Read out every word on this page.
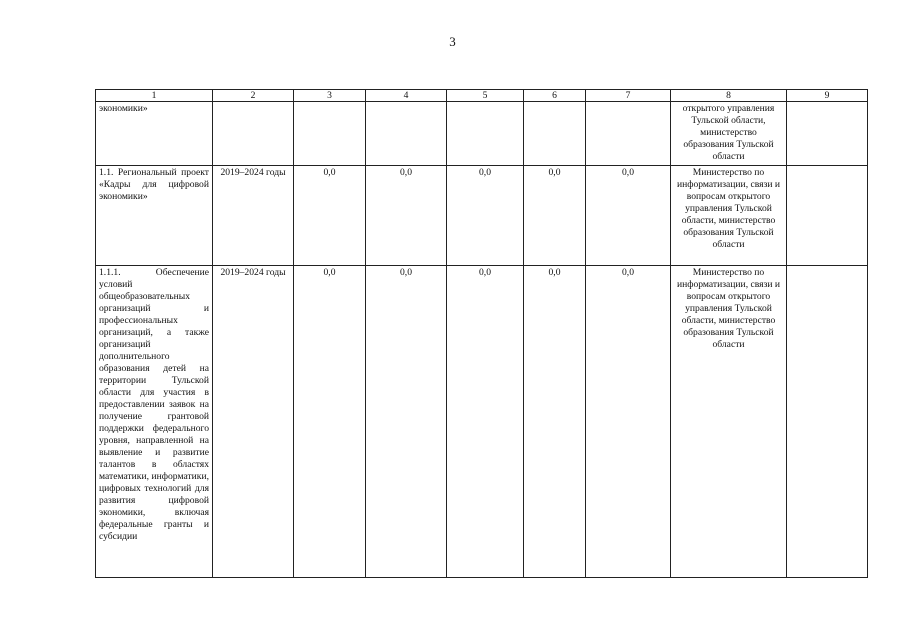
3
1	2	3	4	5	6	7	8	9
экономики»							открытого управления Тульской области, министерство образования Тульской области	
1.1. Региональный проект «Кадры для цифровой экономики»	2019–2024 годы	0,0	0,0	0,0	0,0	0,0	Министерство по информатизации, связи и вопросам открытого управления Тульской области, министерство образования Тульской области	
1.1.1. Обеспечение условий общеобразовательных организаций и профессиональных организаций, а также организаций дополнительного образования детей на территории Тульской области для участия в предоставлении заявок на получение грантовой поддержки федерального уровня, направленной на выявление и развитие талантов в областях математики, информатики, цифровых технологий для развития цифровой экономики, включая федеральные гранты и субсидии	2019–2024 годы	0,0	0,0	0,0	0,0	0,0	Министерство по информатизации, связи и вопросам открытого управления Тульской области, министерство образования Тульской области	
